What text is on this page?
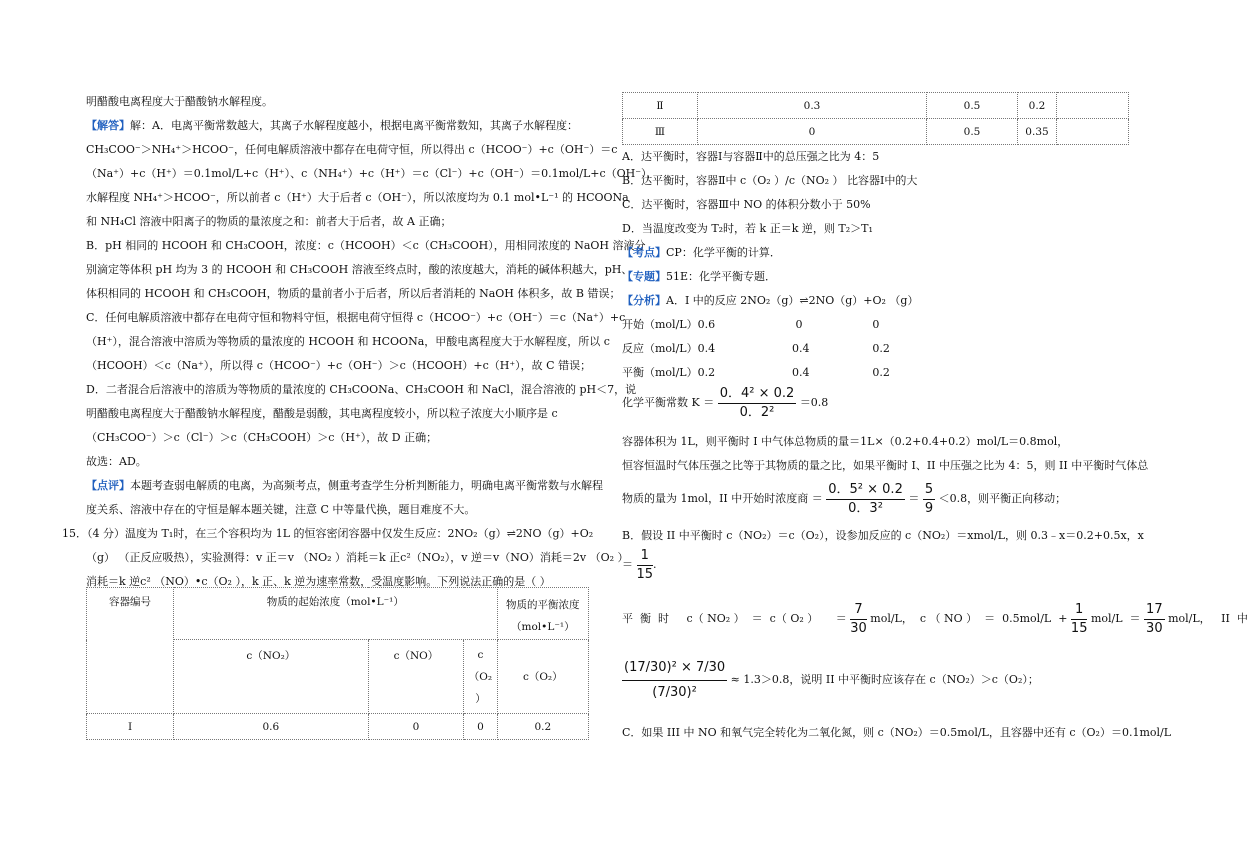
明醋酸电离程度大于醋酸钠水解程度。
【解答】解：A．电离平衡常数越大，其离子水解程度越小，根据电离平衡常数知，其离子水解程度：
CH₃COO⁻＞NH₄⁺＞HCOO⁻，任何电解质溶液中都存在电荷守恒，所以得出 c（HCOO⁻）+c（OH⁻）＝c
（Na⁺）+c（H⁺）＝0.1mol/L+c（H⁺）、c（NH₄⁺）+c（H⁺）＝c（Cl⁻）+c（OH⁻）＝0.1mol/L+c（OH⁻），
水解程度 NH₄⁺＞HCOO⁻，所以前者 c（H⁺）大于后者 c（OH⁻），所以浓度均为 0.1 mol•L⁻¹ 的 HCOONa
和 NH₄Cl 溶液中阳离子的物质的量浓度之和：前者大于后者，故 A 正确；
B．pH 相同的 HCOOH 和 CH₃COOH，浓度：c（HCOOH）＜c（CH₃COOH），用相同浓度的 NaOH 溶液分
别滴定等体积 pH 均为 3 的 HCOOH 和 CH₃COOH 溶液至终点时，酸的浓度越大，消耗的碱体积越大，pH、
体积相同的 HCOOH 和 CH₃COOH，物质的量前者小于后者，所以后者消耗的 NaOH 体积多，故 B 错误；
C．任何电解质溶液中都存在电荷守恒和物料守恒，根据电荷守恒得 c（HCOO⁻）+c（OH⁻）＝c（Na⁺）+c
（H⁺），混合溶液中溶质为等物质的量浓度的 HCOOH 和 HCOONa，甲酸电离程度大于水解程度，所以 c
（HCOOH）＜c（Na⁺），所以得 c（HCOO⁻）+c（OH⁻）＞c（HCOOH）+c（H⁺），故 C 错误；
D．二者混合后溶液中的溶质为等物质的量浓度的 CH₃COONa、CH₃COOH 和 NaCl，混合溶液的 pH＜7，说
明醋酸电离程度大于醋酸钠水解程度，醋酸是弱酸，其电离程度较小，所以粒子浓度大小顺序是 c
（CH₃COO⁻）＞c（Cl⁻）＞c（CH₃COOH）＞c（H⁺），故 D 正确；
故选：AD。
【点评】本题考查弱电解质的电离，为高频考点，侧重考查学生分析判断能力，明确电离平衡常数与水解程
度关系、溶液中存在的守恒是解本题关键，注意 C 中等量代换，题目难度不大。
15．（4 分）温度为 T₁时，在三个容积均为 1L 的恒容密闭容器中仅发生反应：2NO₂（g）⇌2NO（g）+O₂
（g） （正反应吸热），实验测得：v 正＝v （NO₂ ）消耗＝k 正c²（NO₂），v 逆＝v（NO）消耗＝2v （O₂ ）
消耗＝k 逆c² （NO）•c（O₂ ），k 正、k 逆为速率常数，受温度影响。下列说法正确的是（ ）
容器编号	物质的起始浓度（mol•L⁻¹）			物质的平衡浓度（mol•L⁻¹）
	c（NO₂）	c（NO）	c
（O₂
）	c（O₂）
Ⅰ	0.6	0	0	0.2
Ⅱ	0.3	0.5	0.2	
Ⅲ	0	0.5	0.35	
A．达平衡时，容器Ⅰ与容器Ⅱ中的总压强之比为 4：5
B．达平衡时，容器Ⅱ中 c（O₂ ）/c（NO₂ ） 比容器Ⅰ中的大
C．达平衡时，容器Ⅲ中 NO 的体积分数小于 50%
D．当温度改变为 T₂时，若 k 正＝k 逆，则 T₂＞T₁
【考点】CP：化学平衡的计算．
【专题】51E：化学平衡专题．
【分析】A．I 中的反应 2NO₂（g）⇌2NO（g）+O₂ （g）
开始（mol/L）0.6                       0                    0
反应（mol/L）0.4                      0.4                  0.2
平衡（mol/L）0.2                      0.4                  0.2
化学平衡常数 $K = \frac{\text{0．4² × 0.2}}{\text{0．2²}} =0.8$
容器体积为 1L，则平衡时 I 中气体总物质的量＝1L×（0.2+0.4+0.2）mol/L＝0.8mol，
恒容恒温时气体压强之比等于其物质的量之比，如果平衡时 I、II 中压强之比为 4：5，则 II 中平衡时气体总
物质的量为 1mol，II 中开始时浓度商 ＝ $\frac{\text{0．5² × 0.2}}{\text{0．3²}} = \frac{5}{9} <0.8$，则平衡正向移动；
B．假设 II 中平衡时 c（NO₂）＝c（O₂），设参加反应的 c（NO₂）＝xmol/L，则 0.3﹣x＝0.2+0.5x，x
＝ $\frac{1}{15}$ .
平  衡  时     c（ NO₂ ）  ＝  c（ O₂ ）     ＝ $\frac{7}{30} mol/L$，  c （ NO ）  ＝  $0.5mol/L + \frac{1}{15} mol/L = \frac{17}{30} mol/L$，   II  中
$\frac{\text{(17/30)² × 7/30}}{\text{(7/30)²}} \approx 1.3>0.8$，说明 II 中平衡时应该存在 c（NO₂）＞c（O₂）；
C．如果 III 中 NO 和氧气完全转化为二氧化氮，则 c（NO₂）＝0.5mol/L，且容器中还有 c（O₂）＝0.1mol/L
